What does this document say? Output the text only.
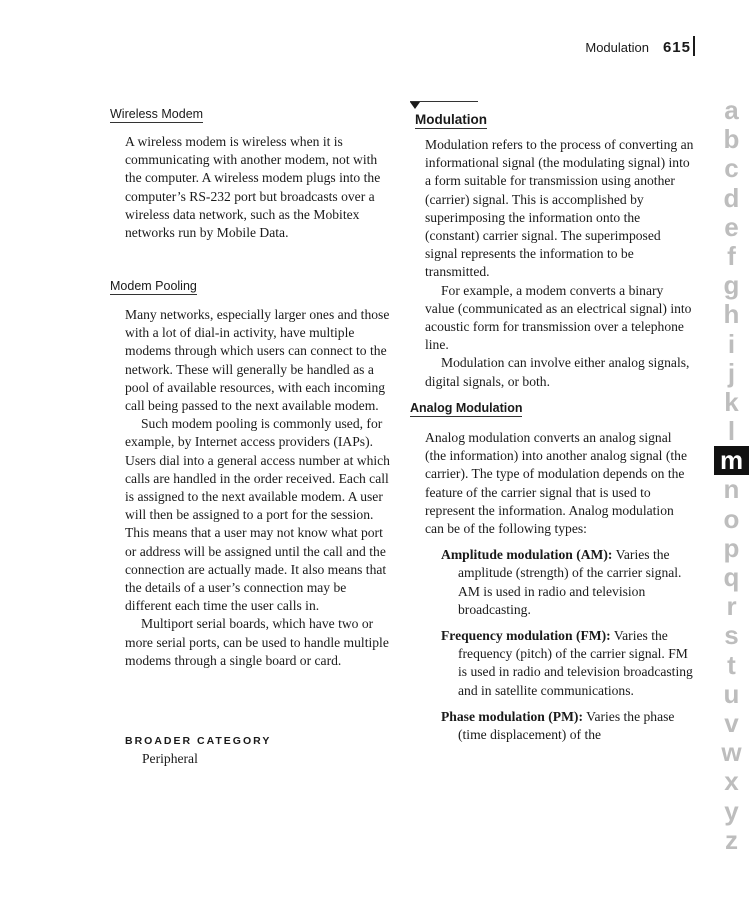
Modulation 615
Wireless Modem

A wireless modem is wireless when it is communicating with another modem, not with the computer. A wireless modem plugs into the computer’s RS-232 port but broadcasts over a wireless data network, such as the Mobitex networks run by Mobile Data.

Modem Pooling

Many networks, especially larger ones and those with a lot of dial-in activity, have multiple modems through which users can connect to the network. These will generally be handled as a pool of available resources, with each incoming call being passed to the next available modem.

Such modem pooling is commonly used, for example, by Internet access providers (IAPs). Users dial into a general access number at which calls are handled in the order received. Each call is assigned to the next available modem. A user will then be assigned to a port for the session. This means that a user may not know what port or address will be assigned until the call and the connection are actually made. It also means that the details of a user’s connection may be different each time the user calls in.

Multiport serial boards, which have two or more serial ports, can be used to handle multiple modems through a single board or card.

BROADER CATEGORY
Peripheral
Modulation

Modulation refers to the process of converting an informational signal (the modulating signal) into a form suitable for transmission using another (carrier) signal. This is accomplished by superimposing the information onto the (constant) carrier signal. The superimposed signal represents the information to be transmitted.

For example, a modem converts a binary value (communicated as an electrical signal) into acoustic form for transmission over a telephone line.

Modulation can involve either analog signals, digital signals, or both.

Analog Modulation

Analog modulation converts an analog signal (the information) into another analog signal (the carrier). The type of modulation depends on the feature of the carrier signal that is used to represent the information. Analog modulation can be of the following types:

Amplitude modulation (AM): Varies the amplitude (strength) of the carrier signal. AM is used in radio and television broadcasting.

Frequency modulation (FM): Varies the frequency (pitch) of the carrier signal. FM is used in radio and television broadcasting and in satellite communications.

Phase modulation (PM): Varies the phase (time displacement) of the

a
b
c
d
e
f
g
h
i
j
k
l
m
n
o
p
q
r
s
t
u
v
w
x
y
z
